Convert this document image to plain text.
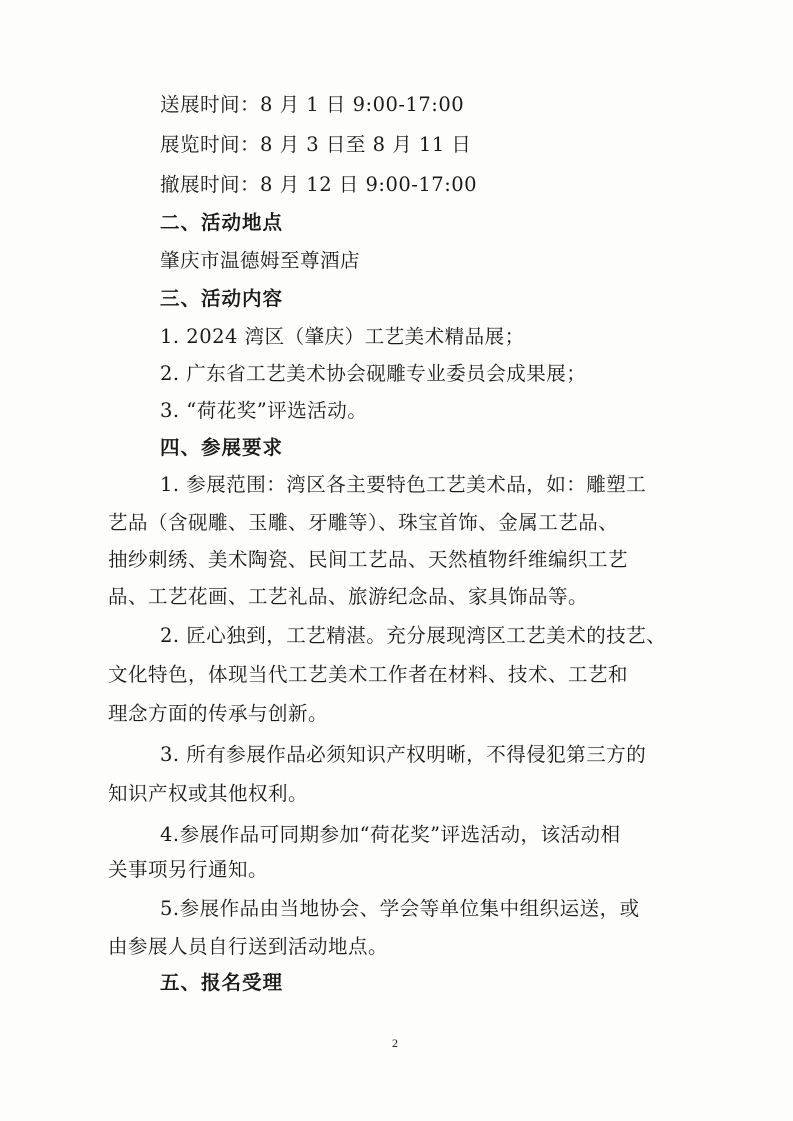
送展时间：8 月 1 日 9:00-17:00
展览时间：8 月 3 日至 8 月 11 日
撤展时间：8 月 12 日 9:00-17:00
二、活动地点
肇庆市温德姆至尊酒店
三、活动内容
1. 2024 湾区（肇庆）工艺美术精品展；
2. 广东省工艺美术协会砚雕专业委员会成果展；
3. “荷花奖”评选活动。
四、参展要求
1. 参展范围：湾区各主要特色工艺美术品，如：雕塑工
艺品（含砚雕、玉雕、牙雕等）、珠宝首饰、金属工艺品、
抽纱刺绣、美术陶瓷、民间工艺品、天然植物纤维编织工艺
品、工艺花画、工艺礼品、旅游纪念品、家具饰品等。
2. 匠心独到，工艺精湛。充分展现湾区工艺美术的技艺、
文化特色，体现当代工艺美术工作者在材料、技术、工艺和
理念方面的传承与创新。
3. 所有参展作品必须知识产权明晰，不得侵犯第三方的
知识产权或其他权利。
4.参展作品可同期参加“荷花奖”评选活动，该活动相
关事项另行通知。
5.参展作品由当地协会、学会等单位集中组织运送，或
由参展人员自行送到活动地点。
五、报名受理
2
